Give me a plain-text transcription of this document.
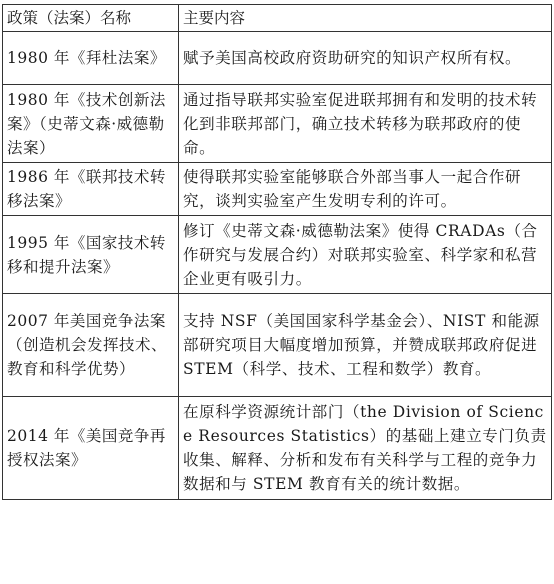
政策（法案）名称	主要内容
1980 年《拜杜法案》	赋予美国高校政府资助研究的知识产权所有权。
1980 年《技术创新法案》（史蒂文森·威德勒法案）	通过指导联邦实验室促进联邦拥有和发明的技术转化到非联邦部门，确立技术转移为联邦政府的使命。
1986 年《联邦技术转移法案》	使得联邦实验室能够联合外部当事人一起合作研究，谈判实验室产生发明专利的许可。
1995 年《国家技术转移和提升法案》	修订《史蒂文森·威德勒法案》使得 CRADAs（合作研究与发展合约）对联邦实验室、科学家和私营企业更有吸引力。
2007 年美国竞争法案（创造机会发挥技术、教育和科学优势）	支持 NSF（美国国家科学基金会）、NIST 和能源部研究项目大幅度增加预算，并赞成联邦政府促进 STEM（科学、技术、工程和数学）教育。
2014 年《美国竞争再授权法案》	在原科学资源统计部门（the Division of Science Resources Statistics）的基础上建立专门负责收集、解释、分析和发布有关科学与工程的竞争力数据和与 STEM 教育有关的统计数据。
